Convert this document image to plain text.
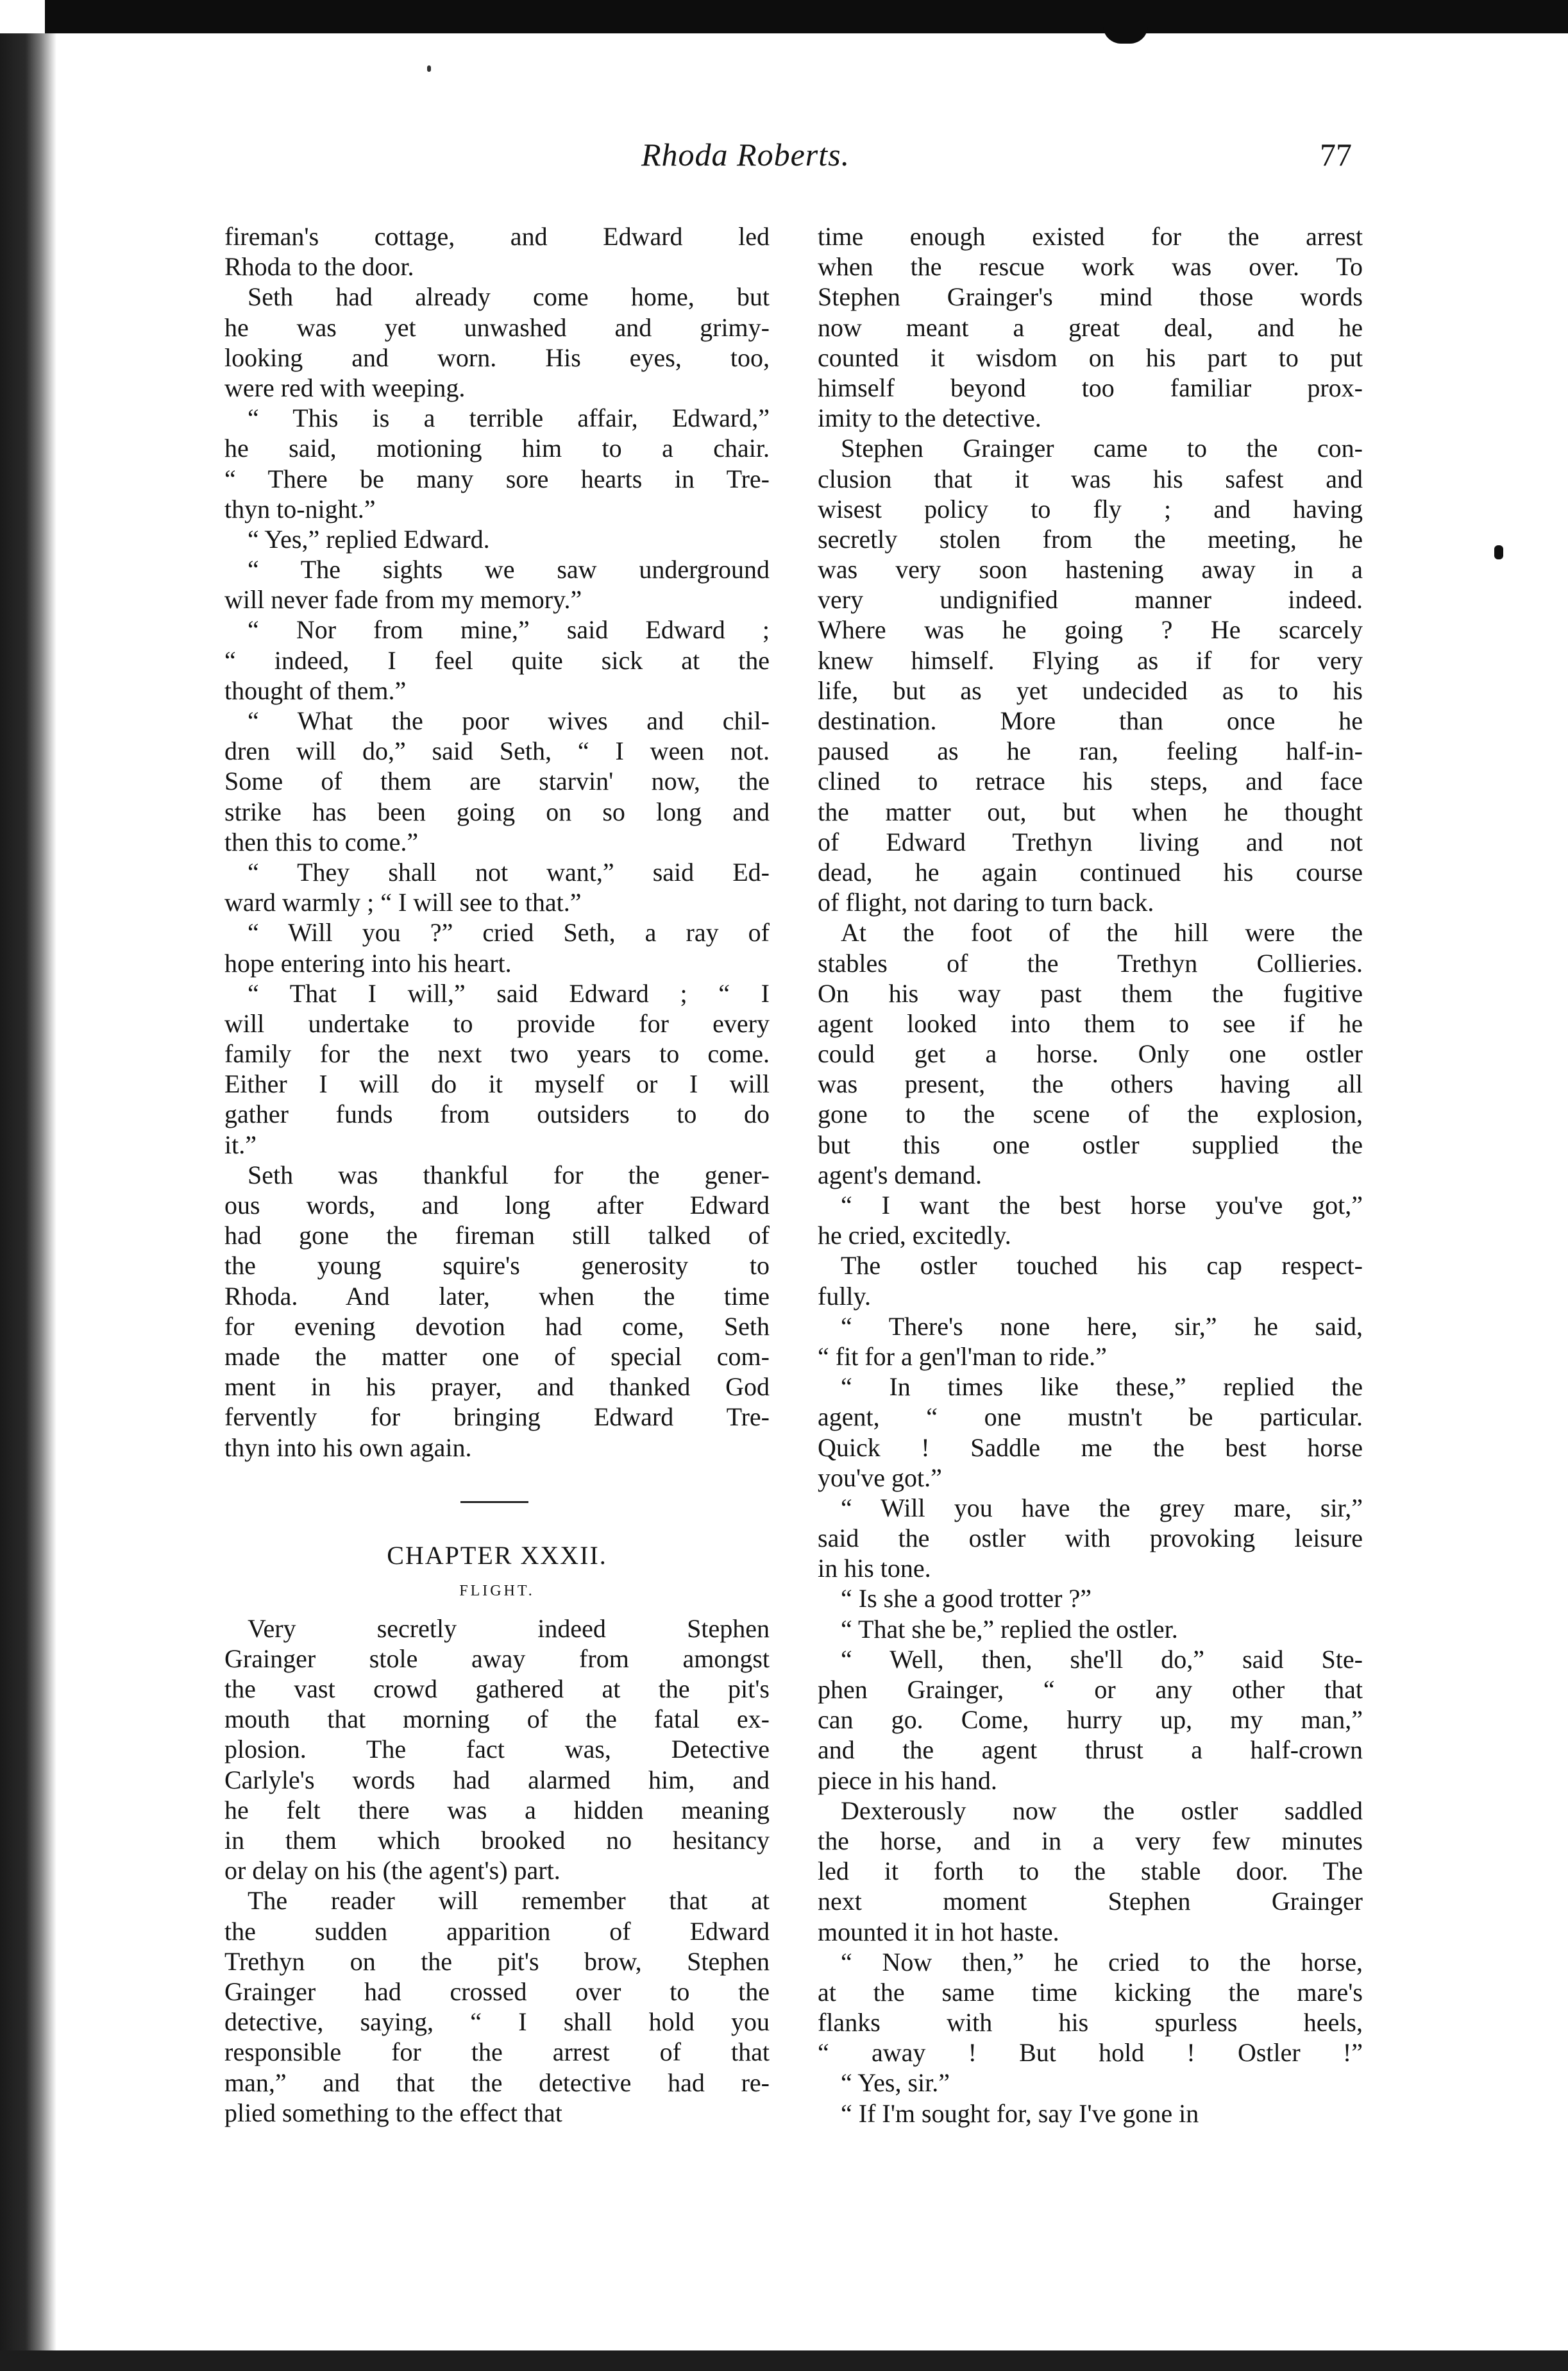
Rhoda Roberts.	77
fireman's cottage, and Edward led
Rhoda to the door.
Seth had already come home, but
he was yet unwashed and grimy-
looking and worn. His eyes, too,
were red with weeping.
“ This is a terrible affair, Edward,”
he said, motioning him to a chair.
“ There be many sore hearts in Tre-
thyn to-night.”
“ Yes,” replied Edward.
“ The sights we saw underground
will never fade from my memory.”
“ Nor from mine,” said Edward ;
“ indeed, I feel quite sick at the
thought of them.”
“ What the poor wives and chil-
dren will do,” said Seth, “ I ween not.
Some of them are starvin' now, the
strike has been going on so long and
then this to come.”
“ They shall not want,” said Ed-
ward warmly ; “ I will see to that.”
“ Will you ?” cried Seth, a ray of
hope entering into his heart.
“ That I will,” said Edward ; “ I
will undertake to provide for every
family for the next two years to come.
Either I will do it myself or I will
gather funds from outsiders to do
it.”
Seth was thankful for the gener-
ous words, and long after Edward
had gone the fireman still talked of
the young squire's generosity to
Rhoda. And later, when the time
for evening devotion had come, Seth
made the matter one of special com-
ment in his prayer, and thanked God
fervently for bringing Edward Tre-
thyn into his own again.
CHAPTER XXXII.
FLIGHT.
Very secretly indeed Stephen
Grainger stole away from amongst
the vast crowd gathered at the pit's
mouth that morning of the fatal ex-
plosion. The fact was, Detective
Carlyle's words had alarmed him, and
he felt there was a hidden meaning
in them which brooked no hesitancy
or delay on his (the agent's) part.
The reader will remember that at
the sudden apparition of Edward
Trethyn on the pit's brow, Stephen
Grainger had crossed over to the
detective, saying, “ I shall hold you
responsible for the arrest of that
man,” and that the detective had re-
plied something to the effect that
time enough existed for the arrest
when the rescue work was over. To
Stephen Grainger's mind those words
now meant a great deal, and he
counted it wisdom on his part to put
himself beyond too familiar prox-
imity to the detective.
Stephen Grainger came to the con-
clusion that it was his safest and
wisest policy to fly ; and having
secretly stolen from the meeting, he
was very soon hastening away in a
very undignified manner indeed.
Where was he going ? He scarcely
knew himself. Flying as if for very
life, but as yet undecided as to his
destination. More than once he
paused as he ran, feeling half-in-
clined to retrace his steps, and face
the matter out, but when he thought
of Edward Trethyn living and not
dead, he again continued his course
of flight, not daring to turn back.
At the foot of the hill were the
stables of the Trethyn Collieries.
On his way past them the fugitive
agent looked into them to see if he
could get a horse. Only one ostler
was present, the others having all
gone to the scene of the explosion,
but this one ostler supplied the
agent's demand.
“ I want the best horse you've got,”
he cried, excitedly.
The ostler touched his cap respect-
fully.
“ There's none here, sir,” he said,
“ fit for a gen'l'man to ride.”
“ In times like these,” replied the
agent, “ one mustn't be particular.
Quick ! Saddle me the best horse
you've got.”
“ Will you have the grey mare, sir,”
said the ostler with provoking leisure
in his tone.
“ Is she a good trotter ?”
“ That she be,” replied the ostler.
“ Well, then, she'll do,” said Ste-
phen Grainger, “ or any other that
can go. Come, hurry up, my man,”
and the agent thrust a half-crown
piece in his hand.
Dexterously now the ostler saddled
the horse, and in a very few minutes
led it forth to the stable door. The
next moment Stephen Grainger
mounted it in hot haste.
“ Now then,” he cried to the horse,
at the same time kicking the mare's
flanks with his spurless heels,
“ away ! But hold ! Ostler !”
“ Yes, sir.”
“ If I'm sought for, say I've gone in
